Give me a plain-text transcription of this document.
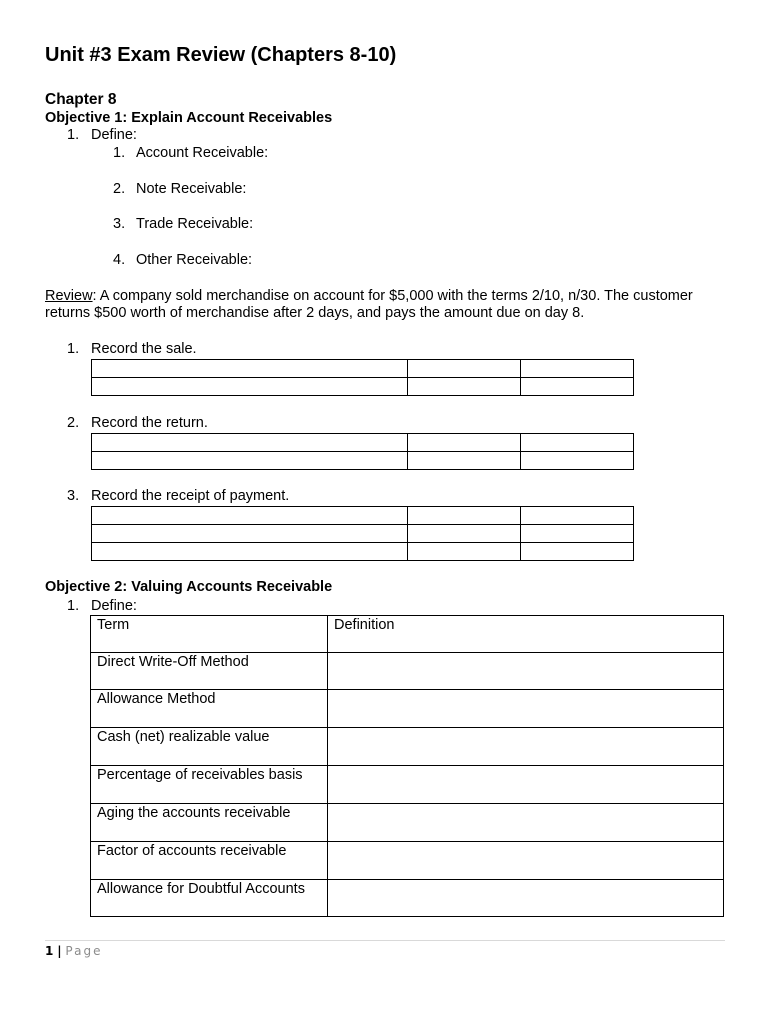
Unit #3 Exam Review (Chapters 8-10)
Chapter 8
Objective 1: Explain Account Receivables
1. Define:
1. Account Receivable:
2. Note Receivable:
3. Trade Receivable:
4. Other Receivable:
Review: A company sold merchandise on account for $5,000 with the terms 2/10, n/30. The customer
returns $500 worth of merchandise after 2 days, and pays the amount due on day 8.
1. Record the sale.

2. Record the return.

3. Record the receipt of payment.

Objective 2: Valuing Accounts Receivable
1. Define:
Term	Definition
Direct Write-Off Method	
Allowance Method	
Cash (net) realizable value	
Percentage of receivables basis	
Aging the accounts receivable	
Factor of accounts receivable	
Allowance for Doubtful Accounts	
1 | Page
